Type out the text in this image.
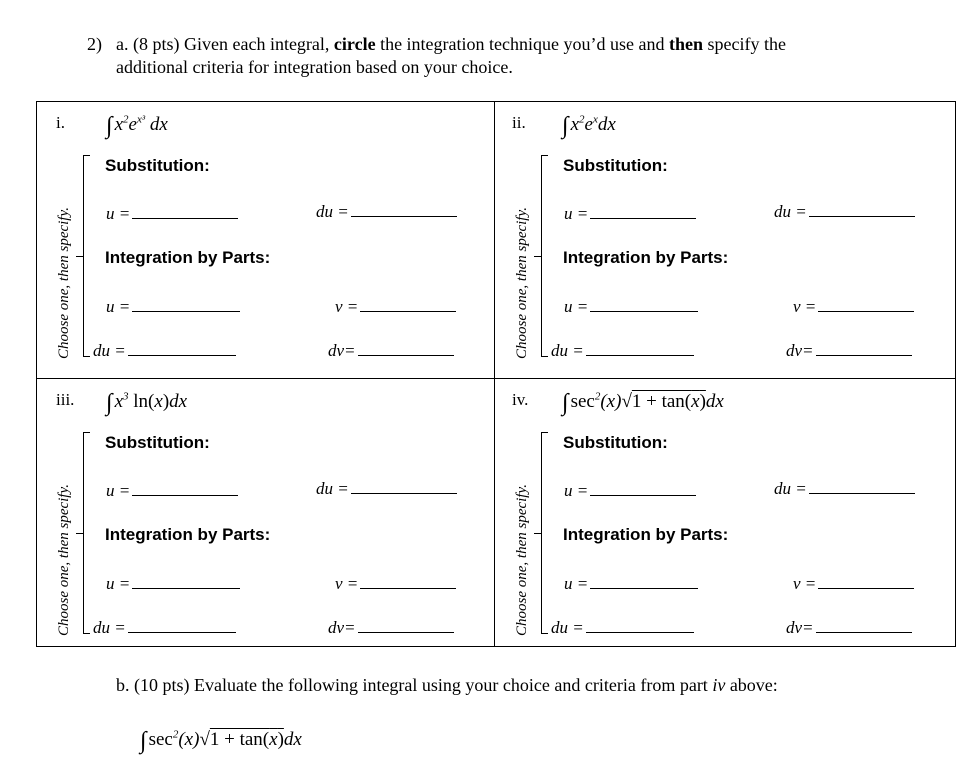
2) a. (8 pts) Given each integral, circle the integration technique you’d use and then specify the
additional criteria for integration based on your choice.
i. ∫ $x^2e^{x^3}$ dx
Choose one, then specify.
Substitution:
u =	du =
Integration by Parts:
u =	v =
du =	dv=
ii. ∫ $x^2e^xdx$
Choose one, then specify.
Substitution:
u =	du =
Integration by Parts:
u =	v =
du =	dv=
iii. ∫ $x^3$ ln(x)dx
Choose one, then specify.
Substitution:
u =	du =
Integration by Parts:
u =	v =
du =	dv=
iv. ∫ $\sec^2(x)√1 + \tan(x)dx$
Choose one, then specify.
Substitution:
u =	du =
Integration by Parts:
u =	v =
du =	dv=
b. (10 pts) Evaluate the following integral using your choice and criteria from part iv above:
∫ $\sec^2(x)√1 + \tan(\overline{x})dx$
